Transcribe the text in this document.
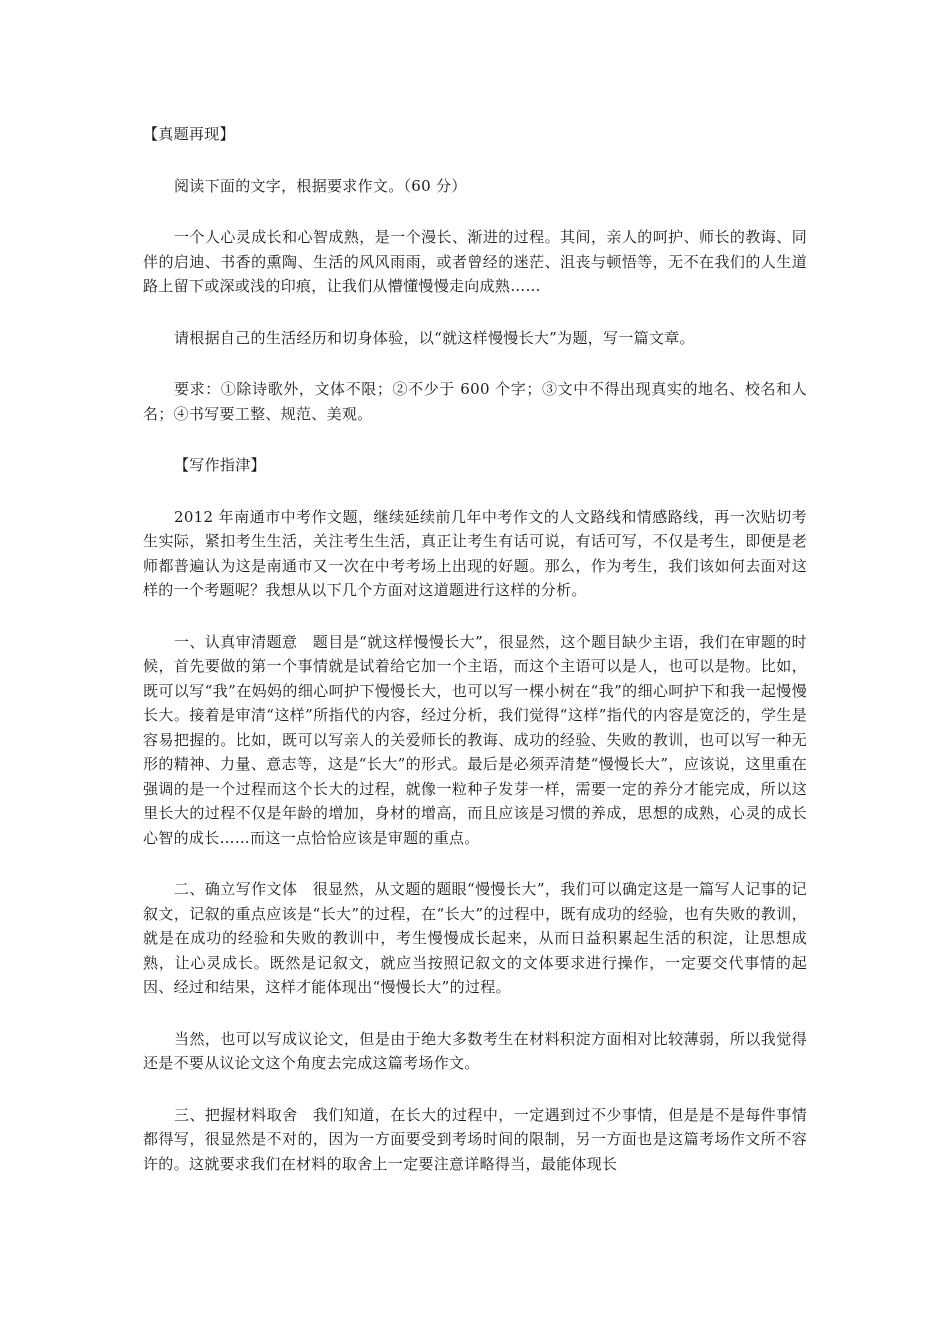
【真题再现】

阅读下面的文字，根据要求作文。（60 分）

一个人心灵成长和心智成熟，是一个漫长、渐进的过程。其间，亲人的呵护、师长的教诲、同伴的启迪、书香的熏陶、生活的风风雨雨，或者曾经的迷茫、沮丧与顿悟等，无不在我们的人生道路上留下或深或浅的印痕，让我们从懵懂慢慢走向成熟……

请根据自己的生活经历和切身体验，以“就这样慢慢长大”为题，写一篇文章。

要求：①除诗歌外，文体不限；②不少于 600 个字；③文中不得出现真实的地名、校名和人名；④书写要工整、规范、美观。

【写作指津】

2012 年南通市中考作文题，继续延续前几年中考作文的人文路线和情感路线，再一次贴切考生实际，紧扣考生生活，关注考生生活，真正让考生有话可说，有话可写，不仅是考生，即便是老师都普遍认为这是南通市又一次在中考考场上出现的好题。那么，作为考生，我们该如何去面对这样的一个考题呢？我想从以下几个方面对这道题进行这样的分析。

一、认真审清题意　题目是“就这样慢慢长大”，很显然，这个题目缺少主语，我们在审题的时候，首先要做的第一个事情就是试着给它加一个主语，而这个主语可以是人，也可以是物。比如，既可以写“我”在妈妈的细心呵护下慢慢长大，也可以写一棵小树在“我”的细心呵护下和我一起慢慢长大。接着是审清“这样”所指代的内容，经过分析，我们觉得“这样”指代的内容是宽泛的，学生是容易把握的。比如，既可以写亲人的关爱师长的教诲、成功的经验、失败的教训，也可以写一种无形的精神、力量、意志等，这是“长大”的形式。最后是必须弄清楚“慢慢长大”，应该说，这里重在强调的是一个过程而这个长大的过程，就像一粒种子发芽一样，需要一定的养分才能完成，所以这里长大的过程不仅是年龄的增加，身材的增高，而且应该是习惯的养成，思想的成熟，心灵的成长心智的成长……而这一点恰恰应该是审题的重点。

二、确立写作文体　很显然，从文题的题眼“慢慢长大”，我们可以确定这是一篇写人记事的记叙文，记叙的重点应该是“长大”的过程，在“长大”的过程中，既有成功的经验，也有失败的教训，就是在成功的经验和失败的教训中，考生慢慢成长起来，从而日益积累起生活的积淀，让思想成熟，让心灵成长。既然是记叙文，就应当按照记叙文的文体要求进行操作，一定要交代事情的起因、经过和结果，这样才能体现出“慢慢长大”的过程。

当然，也可以写成议论文，但是由于绝大多数考生在材料积淀方面相对比较薄弱，所以我觉得还是不要从议论文这个角度去完成这篇考场作文。

三、把握材料取舍　我们知道，在长大的过程中，一定遇到过不少事情，但是是不是每件事情都得写，很显然是不对的，因为一方面要受到考场时间的限制，另一方面也是这篇考场作文所不容许的。这就要求我们在材料的取舍上一定要注意详略得当，最能体现长
